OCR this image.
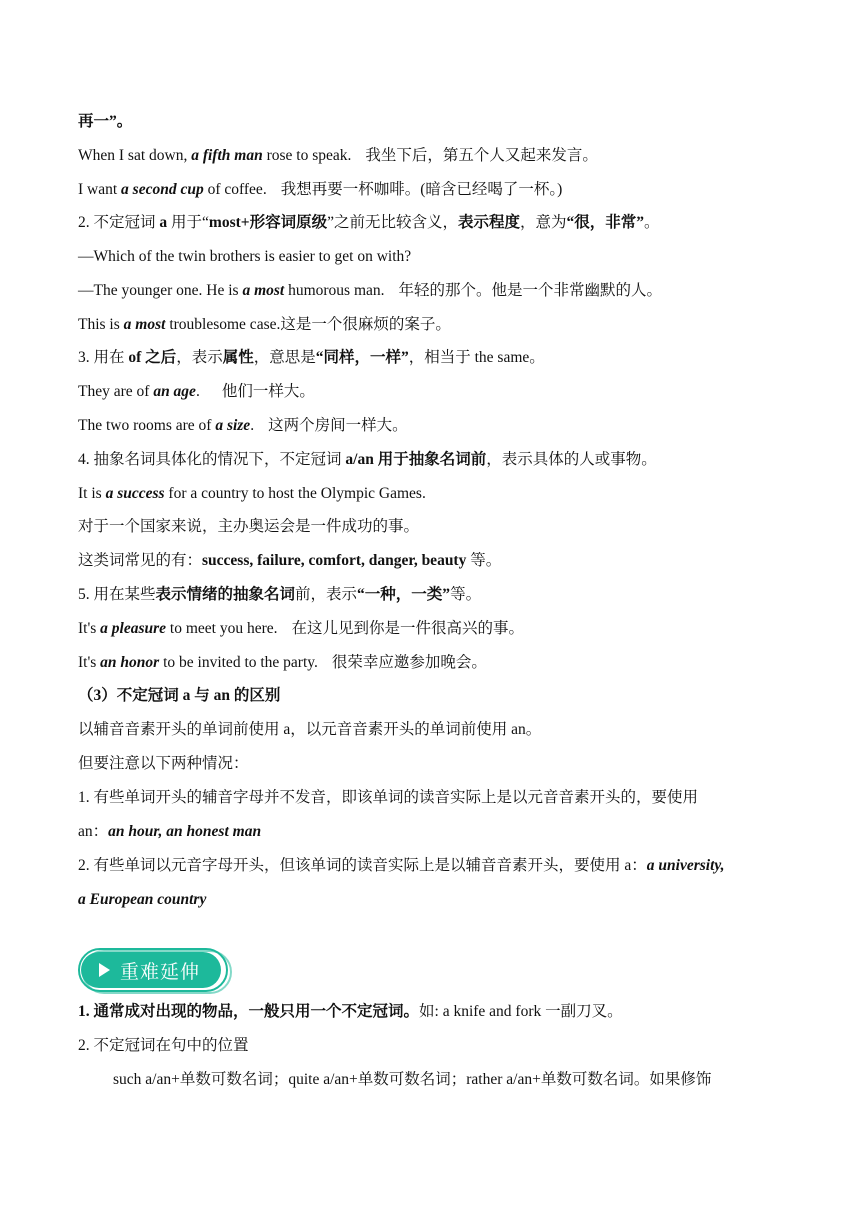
再一”。
When I sat down, a fifth man rose to speak. 我坐下后，第五个人又起来发言。
I want a second cup of coffee. 我想再要一杯咖啡。(暗含已经喝了一杯。)
2. 不定冠词 a 用于“most+形容词原级”之前无比较含义，表示程度，意为“很，非常”。
—Which of the twin brothers is easier to get on with?
—The younger one. He is a most humorous man. 年轻的那个。他是一个非常幽默的人。
This is a most troublesome case.这是一个很麻烦的案子。
3. 用在 of 之后，表示属性，意思是“同样，一样”，相当于 the same。
They are of an age. 他们一样大。
The two rooms are of a size. 这两个房间一样大。
4. 抽象名词具体化的情况下，不定冠词 a/an 用于抽象名词前，表示具体的人或事物。
It is a success for a country to host the Olympic Games.
对于一个国家来说，主办奥运会是一件成功的事。
这类词常见的有：success, failure, comfort, danger, beauty 等。
5. 用在某些表示情绪的抽象名词前，表示“一种，一类”等。
It's a pleasure to meet you here. 在这儿见到你是一件很高兴的事。
It's an honor to be invited to the party. 很荣幸应邀参加晚会。
（3）不定冠词 a 与 an 的区别
以辅音音素开头的单词前使用 a，以元音音素开头的单词前使用 an。
但要注意以下两种情况：
1. 有些单词开头的辅音字母并不发音，即该单词的读音实际上是以元音音素开头的，要使用
an：an hour, an honest man
2. 有些单词以元音字母开头，但该单词的读音实际上是以辅音音素开头，要使用 a：a university,
a European country
重难延伸
1. 通常成对出现的物品，一般只用一个不定冠词。如: a knife and fork 一副刀叉。
2. 不定冠词在句中的位置
such a/an+单数可数名词；quite a/an+单数可数名词；rather a/an+单数可数名词。如果修饰
